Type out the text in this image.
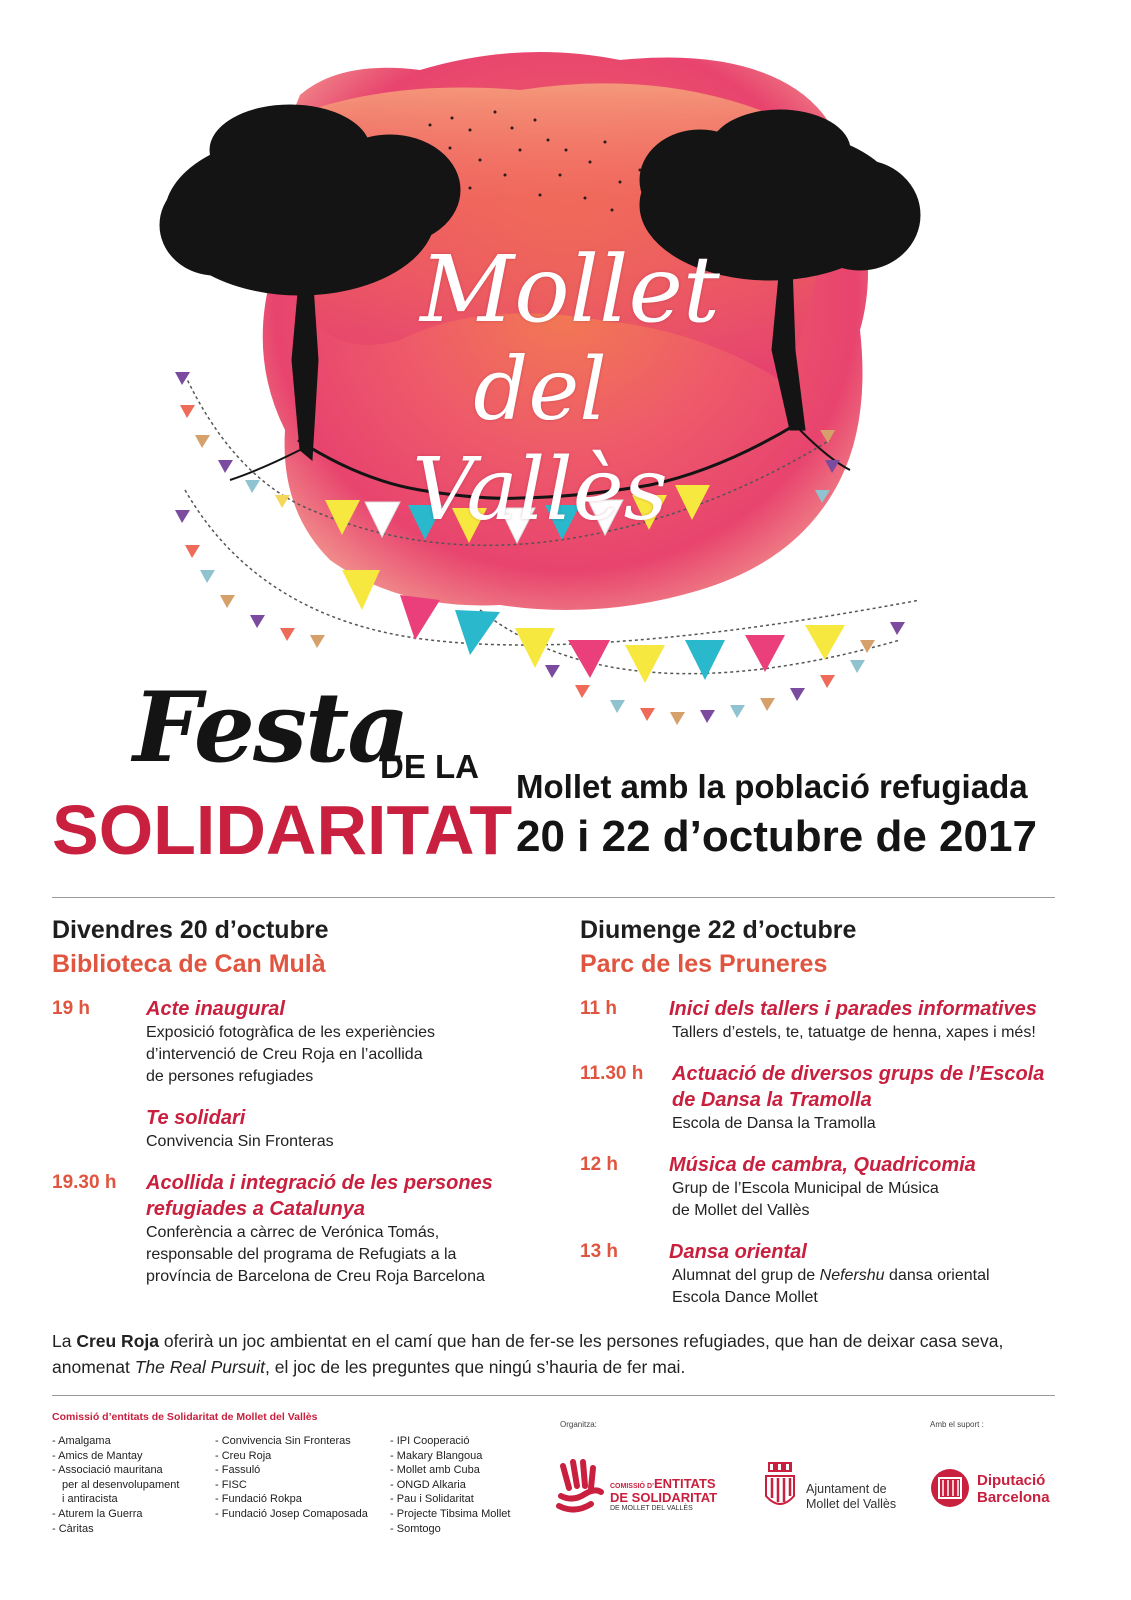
Mollet
del Vallès
Festa
DE LA
SOLIDARITAT
Mollet amb la població refugiada
20 i 22 d’octubre de 2017
Divendres 20 d’octubre
Biblioteca de Can Mulà
19 h	Acte inaugural
Exposició fotogràfica de les experiències
d’intervenció de Creu Roja en l’acollida
de persones refugiades
Te solidari
Convivencia Sin Fronteras
19.30 h Acollida i integració de les persones
refugiades a Catalunya
Conferència a càrrec de Verónica Tomás,
responsable del programa de Refugiats a la
província de Barcelona de Creu Roja Barcelona
Diumenge 22 d’octubre
Parc de les Pruneres
11 h	Inici dels tallers i parades informatives
Tallers d’estels, te, tatuatge de henna, xapes i més!
11.30 h Actuació de diversos grups de l’Escola
de Dansa la Tramolla
Escola de Dansa la Tramolla
12 h	Música de cambra, Quadricomia
Grup de l’Escola Municipal de Música
de Mollet del Vallès
13 h	Dansa oriental
Alumnat del grup de Nefershu dansa oriental
Escola Dance Mollet
La Creu Roja oferirà un joc ambientat en el camí que han de fer-se les persones refugiades, que han de deixar casa seva, anomenat The Real Pursuit, el joc de les preguntes que ningú s’hauria de fer mai.
Comissió d’entitats de Solidaritat de Mollet del Vallès
- Amalgama
- Amics de Mantay
- Associació mauritana
per al desenvolupament
i antiracista
- Aturem la Guerra
- Càritas
- Convivencia Sin Fronteras
- Creu Roja
- Fassuló
- FISC
- Fundació Rokpa
- Fundació Josep Comaposada
- IPI Cooperació
- Makary Blangoua
- Mollet amb Cuba
- ONGD Alkaria
- Pau i Solidaritat
- Projecte Tibsima Mollet
- Somtogo
Organitza:	Amb el suport :
COMISSIÓ D’ENTITATS
DE SOLIDARITAT
DE MOLLET DEL VALLÈS
Ajuntament de
Mollet del Vallès
Diputació
Barcelona
